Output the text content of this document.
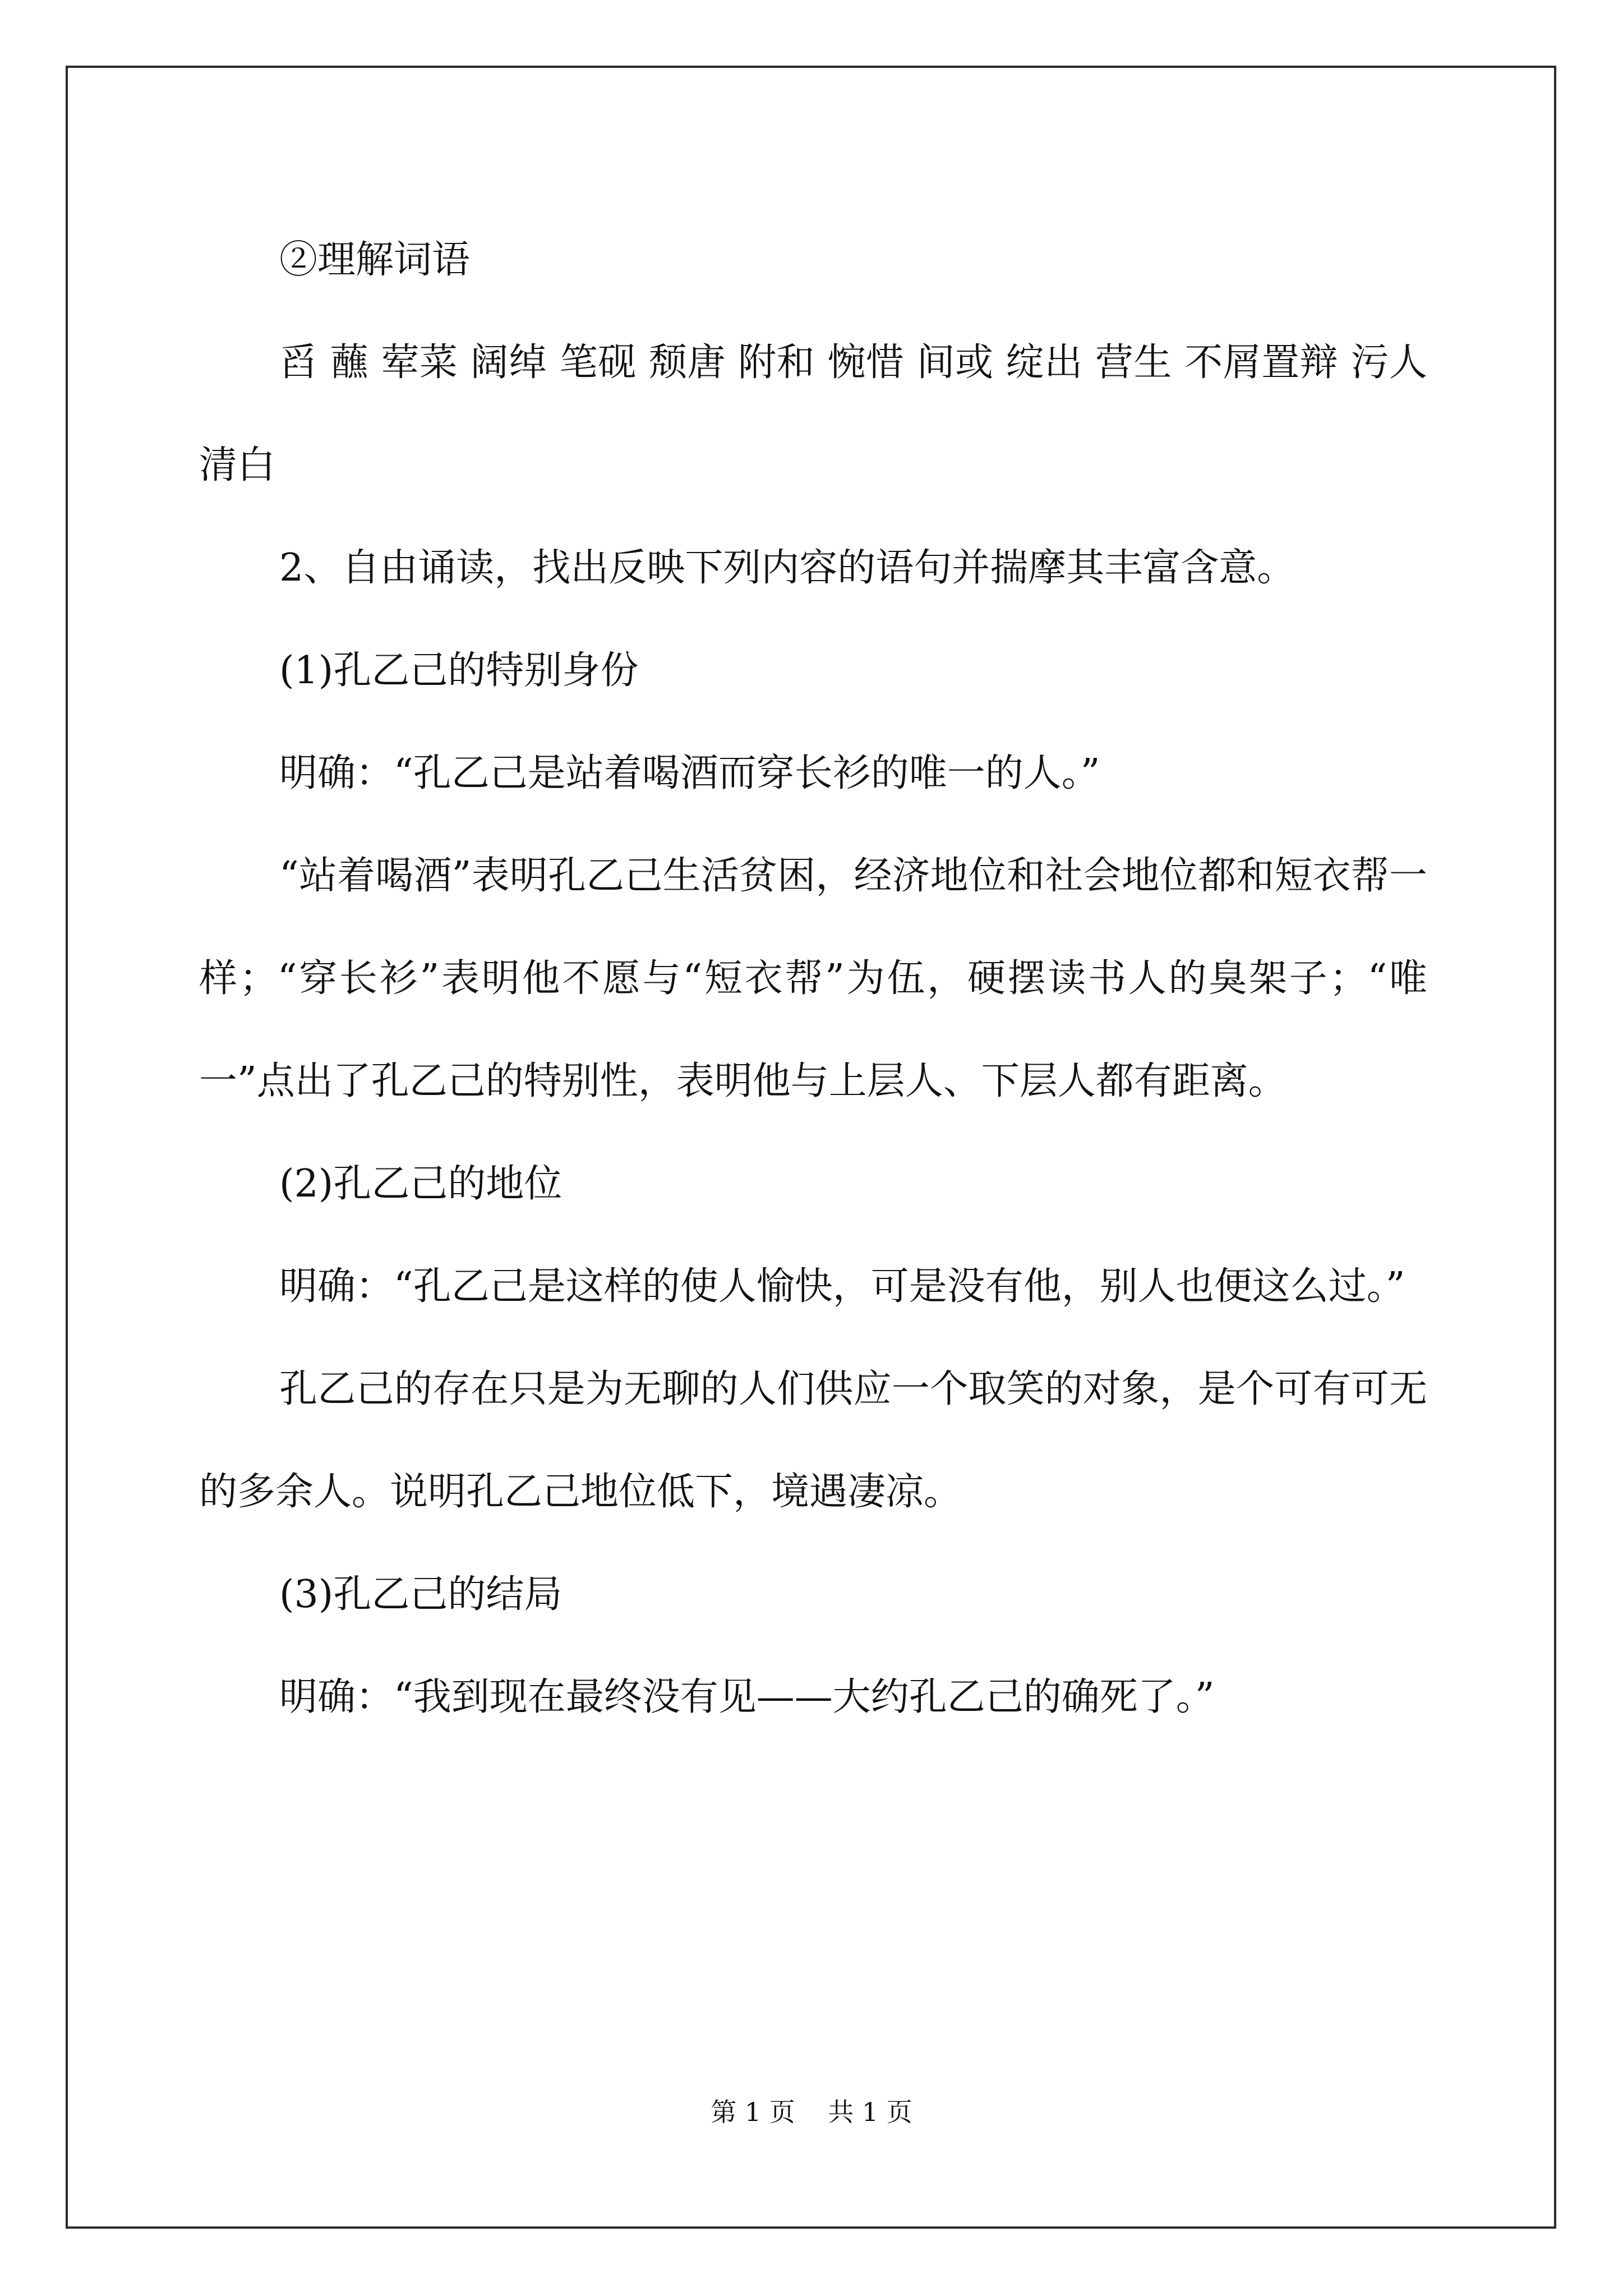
②理解词语

舀 蘸 荤菜 阔绰 笔砚 颓唐 附和 惋惜 间或 绽出 营生 不屑置辩 污人清白

2、自由诵读，找出反映下列内容的语句并揣摩其丰富含意。

(1)孔乙己的特别身份

明确：“孔乙己是站着喝酒而穿长衫的唯一的人。”

“站着喝酒”表明孔乙己生活贫困，经济地位和社会地位都和短衣帮一样；“穿长衫”表明他不愿与“短衣帮”为伍，硬摆读书人的臭架子；“唯一”点出了孔乙己的特别性，表明他与上层人、下层人都有距离。

(2)孔乙己的地位

明确：“孔乙己是这样的使人愉快，可是没有他，别人也便这么过。”

孔乙己的存在只是为无聊的人们供应一个取笑的对象，是个可有可无的多余人。说明孔乙己地位低下，境遇凄凉。

(3)孔乙己的结局

明确：“我到现在最终没有见——大约孔乙己的确死了。”

第 1 页    共 1 页
